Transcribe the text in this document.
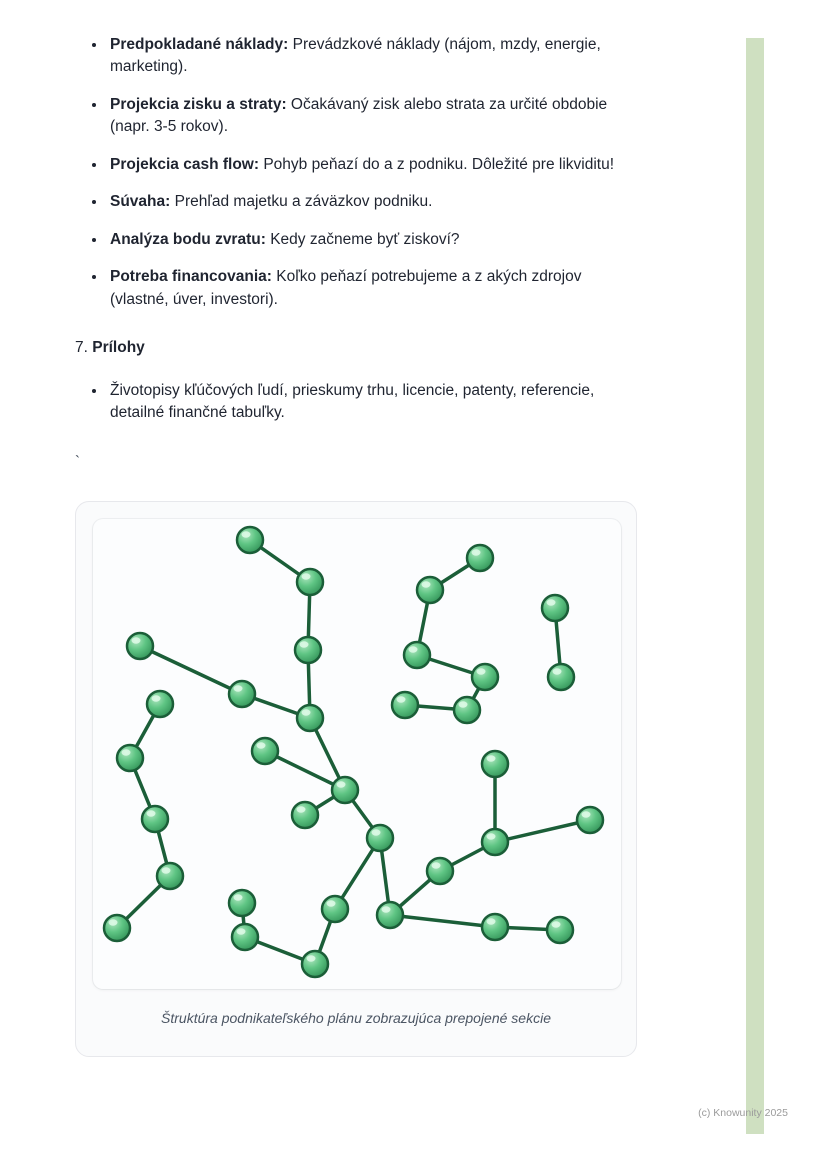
• Predpokladané náklady: Prevádzkové náklady (nájom, mzdy, energie, marketing).
• Projekcia zisku a straty: Očakávaný zisk alebo strata za určité obdobie (napr. 3-5 rokov).
• Projekcia cash flow: Pohyb peňazí do a z podniku. Dôležité pre likviditu!
• Súvaha: Prehľad majetku a záväzkov podniku.
• Analýza bodu zvratu: Kedy začneme byť ziskoví?
• Potreba financovania: Koľko peňazí potrebujeme a z akých zdrojov (vlastné, úver, investori).
7. Prílohy
• Životopisy kľúčových ľudí, prieskumy trhu, licencie, patenty, referencie, detailné finančné tabuľky.
`
Štruktúra podnikateľského plánu zobrazujúca prepojené sekcie
(c) Knowunity 2025
